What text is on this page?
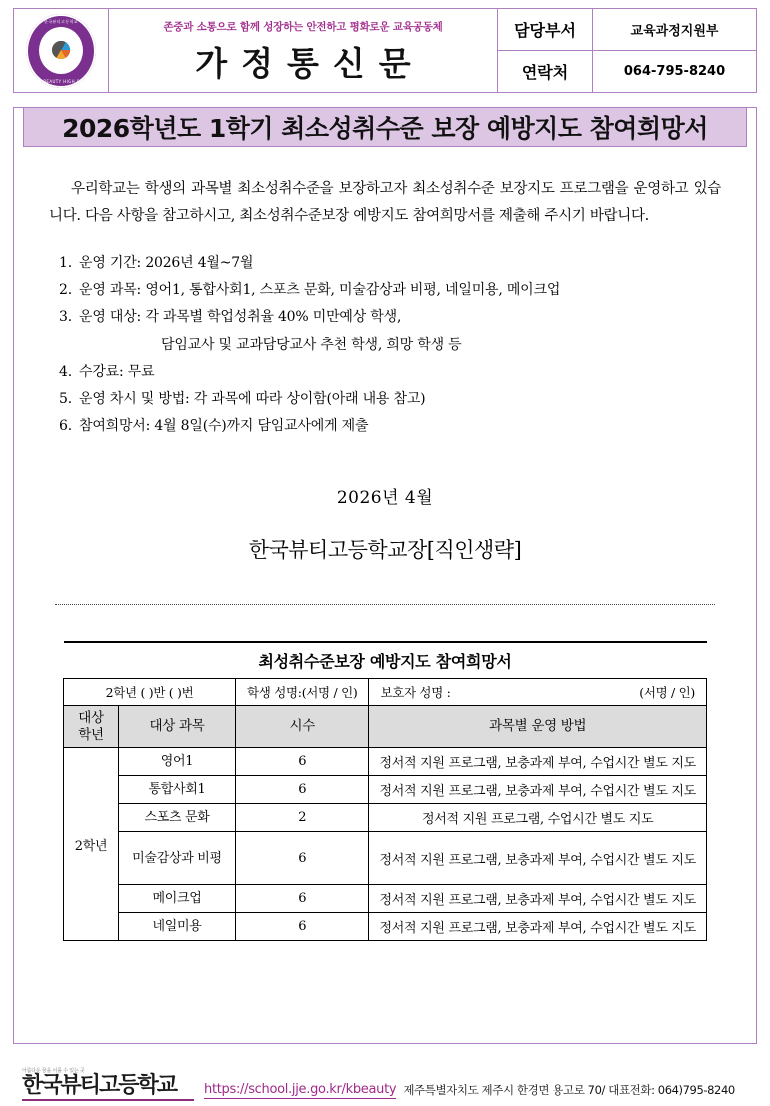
한국뷰티고등학교
KOREA BEAUTY HIGH SCHOOL
존중과 소통으로 함께 성장하는 안전하고 평화로운 교육공동체
가정통신문
담당부서	교육과정지원부
연락처	064-795-8240
2026학년도 1학기 최소성취수준 보장 예방지도 참여희망서
우리학교는 학생의 과목별 최소성취수준을 보장하고자 최소성취수준 보장지도 프로그램을 운영하고 있습니다. 다음 사항을 참고하시고, 최소성취수준보장 예방지도 참여희망서를 제출해 주시기 바랍니다.
1. 운영 기간: 2026년 4월~7월
2. 운영 과목: 영어1, 통합사회1, 스포츠 문화, 미술감상과 비평, 네일미용, 메이크업
3. 운영 대상: 각 과목별 학업성취율 40% 미만예상 학생,
담임교사 및 교과담당교사 추천 학생, 희망 학생 등
4. 수강료: 무료
5. 운영 차시 및 방법: 각 과목에 따라 상이함(아래 내용 참고)
6. 참여희망서: 4월 8일(수)까지 담임교사에게 제출
2026년 4월
한국뷰티고등학교장[직인생략]
최성취수준보장 예방지도 참여희망서			
2학년 ( )반 ( )번		학생 성명: (서명 / 인)	보호자 성명 : (서명 / 인)

대상
학년	대상 과목	시수	과목별 운영 방법
2학년	영어1	6	정서적 지원 프로그램, 보충과제 부여, 수업시간 별도 지도
	통합사회1	6	정서적 지원 프로그램, 보충과제 부여, 수업시간 별도 지도
	스포츠 문화	2	정서적 지원 프로그램, 수업시간 별도 지도
	미술감상과 비평	6	정서적 지원 프로그램, 보충과제 부여, 수업시간 별도 지도
	메이크업	6	정서적 지원 프로그램, 보충과제 부여, 수업시간 별도 지도
	네일미용	6	정서적 지원 프로그램, 보충과제 부여, 수업시간 별도 지도
아름다운 꿈을 이룰 수 있는 곳
한국뷰티고등학교	https://school.jje.go.kr/kbeauty 제주특별자치도 제주시 한경면 용고로 70/ 대표전화: 064)795-8240
